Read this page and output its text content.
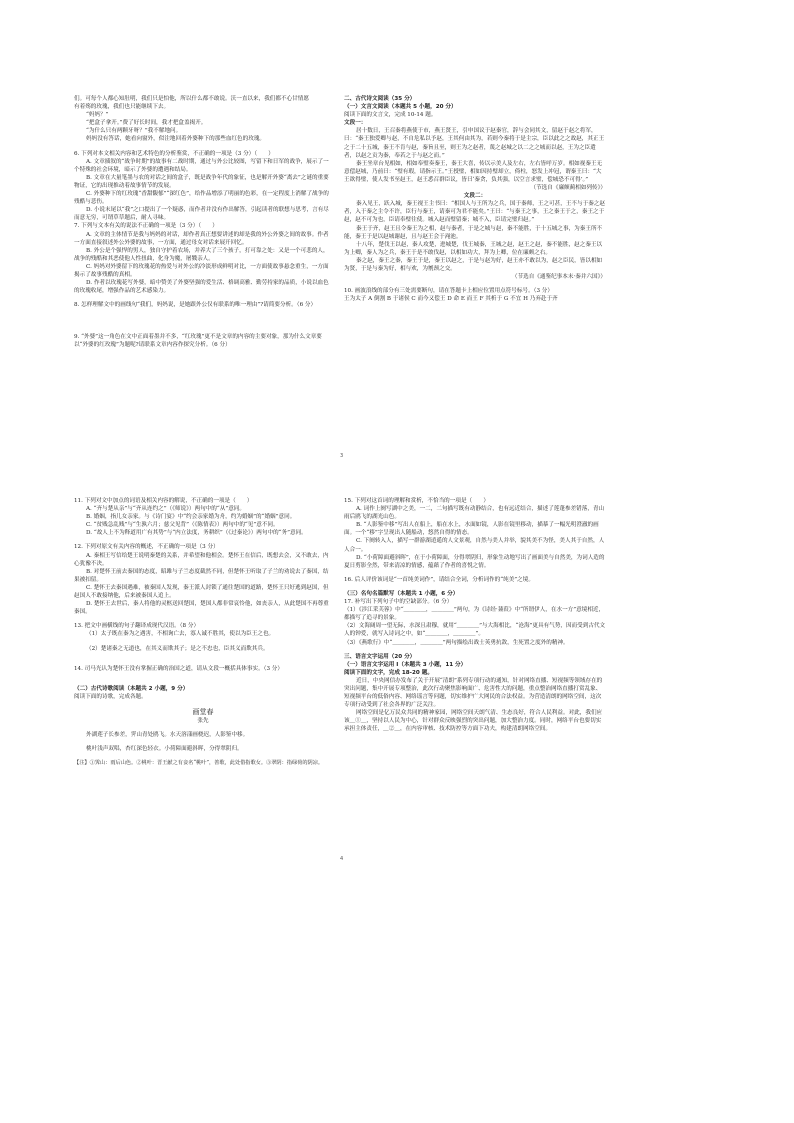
们。可每个人都心知肚明，我们只是怕他，所以什么都不敢说。沃一直以来，我们都不心甘情愿

有着殇的玫瑰，我们也只能继续下去。

“妈妈？”

“把盒子拿开。”费了好长时间，我才把盒盖揭开。

“为什么只有两颗牙呀？”我不解地问。

妈妈没有答话，她看向窗外，似注地回着外婆种下的那些血红色的玫瑰。

6. 下列对本文相关内容和艺术特色的分析鉴赏，不正确的一项是（3 分）（　　）

A. 文章插叙的“战争时期”的故事有二战时期，通过与外公比较图，写留下和日军的战争，展示了一个特殊的社会环境，暗示了外婆的遭遇和结局。

B. 文章在大量笔墨与农的对话之间的盒子，既是战争年代的象征，也是解开外婆“离去”之谜的重要物证，它的出现推动着故事情节的发展。

C. 外婆种下的红玫瑰“香甜馥郁”“深红色”，给作品增添了明丽的色彩，在一定程度上消解了战争的残酷与悲伤。

D. 小说末尾以“我”之口提出了一个疑惑，而作者并没有作出解答，引起读者的联想与思考，言有尽而意无穷，可谓草草题后，耐人寻味。

7. 下列与文本有关的说法不正确的一项是（3 分）（　　）

A. 文章的主体情节是我与妈妈的对话，却作者真正想要讲述的却是我的外公外婆之间的故事。作者一方面直接叙述外公外婆的故事，一方面，通过母女对话来展开回忆。

B. 外公是个强悍的男人，独自守护着农场，并养大了三个孩子，打可靠之处：又是一个可悲的人，战争的残酷和其恶使他人性扭曲，化身为魔，屠戮亲人。

C. 妈妈对外婆留下的玫瑰花的热爱与对外公的冷淡形成鲜明对比，一方面使故事悬念重生，一方面揭示了故事残酷的真相。

D. 作者以玫瑰花写外婆，暗中赞美了外婆坚强的爱生活、格调高雅、勤劳持家的品质，小说以血色的玫瑰收尾，增强作品的艺术感染力。

8. 怎样理解文中的画线句“我们，妈妈说，是她跟外公仅有联系的唯一理由”?请简要分析。（6 分）

9. “外婆”这一角色在文中正面着墨并不多，“红玫瑰”更不是文章的内容的主要对象，那为什么文章要以“外婆的红玫瑰”为题呢?请联系文章内容作探究分析。（6 分）

二、古代诗文阅读（35 分）

（一）文言文阅读（本题共 5 小题，20 分）

阅读下面的文言文，完成 10-14 题。

文段一：

居十数日，王召秦将燕使于市，燕王贤王，引申国议于赵秦官，辞与会同其文，留赵于赵之将军，曰：“秦王独爱卿与赵，不自危私以予赵，王其何由其为，若则今秦将于是主宗，臣以此之之故赵，其正王之于二十五城，秦王不肯与赵，秦旨且至，则王为之赵者，蔑之赵城之以二之之城而以赵，王为之臣遣者，以赵之贡为秦，奉若之于与赵之而。”

秦王坐章台见相如，相如奉璧奏秦王，秦王大喜，传以示美人及左右，左右皆呼万岁。相如视秦王无意偿赵城，乃前曰：“璧有瑕，请指示王。”王授璧，相如因持璧却立，倚柱，怒发上冲冠，谓秦王曰：“大王欲得璧，使人发书至赵王，赵王悉召群臣议，皆曰‘秦贪，负其强，以空言求璧，偿城恐不可得’。”

（节选自《廉颇蔺相如列传》）

文段二：

秦入见王，跃入城，秦王视王主书曰：“相国人与王所为之兵，国于秦师，王之可甚，王不与于秦之赵者，入于秦之主令不许，臣行与秦王，请秦可为君不能矣。”王曰：“与秦王之事，王之秦王于之，秦王之于赵，赵不可为也，臣请奉璧往使。城入赵而璧留秦；城不入，臣请完璧归赵。”

秦王于齐，赵王且令秦王为之相，赵与秦者，于是之城与赵，秦不能胜，于十五城之事，为秦王所不能，秦王于是以赵城谢赵，且与赵王会于渑池。

十八年，楚伐王以赵，秦人攻楚，进城楚，伐王城秦，王城之赵，赵王之赵，秦不能胜，赵之秦王以为上卿，秦人为之兵，秦王于是不敢伐赵，以相如功大，拜为上卿，位在廉颇之右。

秦之赵，秦王之秦，秦王于是，秦王以赵之，于是与赵为好，赵王亦不敢以为，赵之臣民，皆以相如为贤，于是与秦为好，相与欢，为刎颈之交。

（节选自《通鉴纪事本末·秦并六国》）

10. 画波浪线的部分有三处需要断句，请在答题卡上相应位置用点符号标号。（3 分）

王为太子 A 倒割 B 于诸侯 C 而今又偿王 D 命 E 而王 F 其析于 G 不宜 H 乃弃赴于齐

3

11. 下列对文中加点的词语及相关内容的解说，不正确的一项是（　　）

A. “齐与楚从亲”与“齐从连约之”（《师说》）两句中的“从”意同。

B. 婚姻，指儿女亲家。与《诗门宴》中“约会亲家婚为舟，约为婚姻”的“婚姻”意同。

C. “贫贱急乱贱”与“生孰六月；慈父见背”（《陈情表》）两句中的“见”意不同。

D. “故人上不为释道用广有其势”与“内立法度，务耕织”（《过秦论》）两句中的“务”意同。

12. 下列对原文有关内容的概述，不正确的一项是（3 分）

A. 秦相王写信给楚王说明秦楚的关系，并希望和他相会。楚怀王在信后，既想去会，又不敢去，内心犹豫不决。

B. 对楚怀王前去秦国的态度，昭雎与子兰态度截然不同，但楚怀王听取了子兰的劝说去了秦国，结果被扣留。

C. 楚怀王去秦国遇难，被秦国人发现，秦王派人封锁了通往楚国的道路，楚怀王只好逃到赵国，但赵国人不敢接纳他，后来被秦国人追上。

D. 楚怀王去世后，秦人将他的灵柩送回楚国，楚国人都非常哀怜他，如丧亲人，从此楚国不再尊重秦国。

13. 把文中画横线的句子翻译成现代汉语。（8 分）

（1）太子既在秦为之遇害，不相询亡去，寡人诚不胜其，使以为臣王之也。

（2）楚诸秦之无道也，在其义而欺其子；是之不忠也，臣其义而欺其兵。

14. 司马光认为楚怀王没有掌握正确的治国之道，请从文段一概括具体事实。（3 分）

（二）古代诗歌阅读（本题共 2 小题，9 分）

阅读下面的诗歌，完成各题。

画堂春

张先

外湖莲子长参差，霁山青处鸥飞。水天溶漾画桡迟，人影鉴中移。

桃叶浅声双唱，杏红深色轻衣。小荷障面避斜晖，分得翠阴归。

【注】①霁山：雨后山色。②桃叶：晋王献之有妾名“桃叶”，善歌，此处借指歌女。③翠阴：指绿荷的阴凉。

15. 下列对这首词的理解和赏析，不恰当的一项是（　　）

A. 词作上阕写湖中之美，一二，二句描写既有动静结合，也有远近结合，描述了莲蓬参差错落，青山雨后鸥飞的湖光山色。

B. “人影鉴中移”写出人在船上，船在水上，水面如镜，人影在镜里移动，描摹了一幅光明澄澈的画面。一个“移”字呈现出人随船动，悠然自得的情态。

C. 下阕转入人，描写一群游湖逍遥的人文景观，自然与美人并举，貌其美不为怪，美人其于自然，人人合一。

D. “小荷障面避斜晖”，在于小荷障面，分得翠阴归，形象生动地写出了画面美与自然美，为词人造的夏日剪影全然，带来清凉的情感，蕴藉了作者的喜悦之情。

16. 后人评价该词是“一首纯美词作”，请结合全词，分析词作的“纯美”之境。

（三）名句名篇默写（本题共 1 小题，6 分）

17. 补写出下列句子中的空缺部分。（6 分）

（1）《涉江采芙蓉》中“＿＿＿＿，＿＿＿＿”两句，为《诗经·蒹葭》中“所谓伊人，在水一方”意境相近，都描写了追寻的景象。

（2）文海阔周一望无际，水深且肃穆，就用“＿＿＿＿”与大海相比，“沧海”更具有气势，因而受到古代文人的钟爱，就写入诗词之中，如“＿＿＿＿，＿＿＿＿”。

（3）《燕歌行》中“＿＿＿＿，＿＿＿＿”两句描绘出战士英勇抗敌，生死置之度外的精神。

三、语言文字运用（20 分）

（一）语言文字运用 I（本题共 3 小题，11 分）

阅读下面的文字，完成 18-20 题。

近日，中央网信办发布了关于开展“清朗”系列专项行动的通知，针对网络直播、短视频等领域存在的突出问题，集中开展专项整治，此次行动聚焦影响面广、危害性大的问题，重点整治网络直播打赏乱象、短视频平台的低俗内容、网络谣言等问题，切实维护广大网民的合法权益。为营造清朗的网络空间，这次专项行动受到了社会各界的广泛关注。

网络空间是亿万民众共同的精神家园，网络空间天朗气清、生态良好，符合人民利益。对此，我们应该＿①＿，坚持以人民为中心，针对群众反映强烈的突出问题，加大整治力度。同时，网络平台也要切实承担主体责任，＿②＿，在内容审核、技术防控等方面下功夫，构建清朗网络空间。

4
